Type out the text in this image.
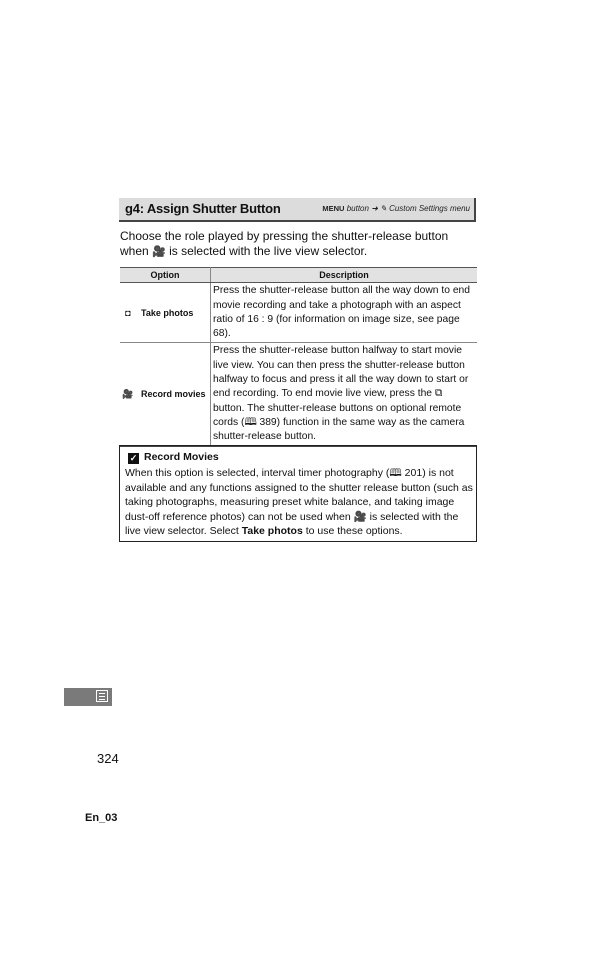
g4: Assign Shutter Button	MENU button ➜ ✎ Custom Settings menu
Choose the role played by pressing the shutter-release button when 🎥 is selected with the live view selector.
Option	Description
◘ Take photos	Press the shutter-release button all the way down to end movie recording and take a photograph with an aspect ratio of 16 : 9 (for information on image size, see page 68).
🎥 Record movies	Press the shutter-release button halfway to start movie live view. You can then press the shutter-release button halfway to focus and press it all the way down to start or end recording. To end movie live view, press the ⧉ button. The shutter-release buttons on optional remote cords (🕮 389) function in the same way as the camera shutter-release button.
✓ Record Movies
When this option is selected, interval timer photography (🕮 201) is not available and any functions assigned to the shutter release button (such as taking photographs, measuring preset white balance, and taking image dust-off reference photos) can not be used when 🎥 is selected with the live view selector. Select Take photos to use these options.
324
En_03
